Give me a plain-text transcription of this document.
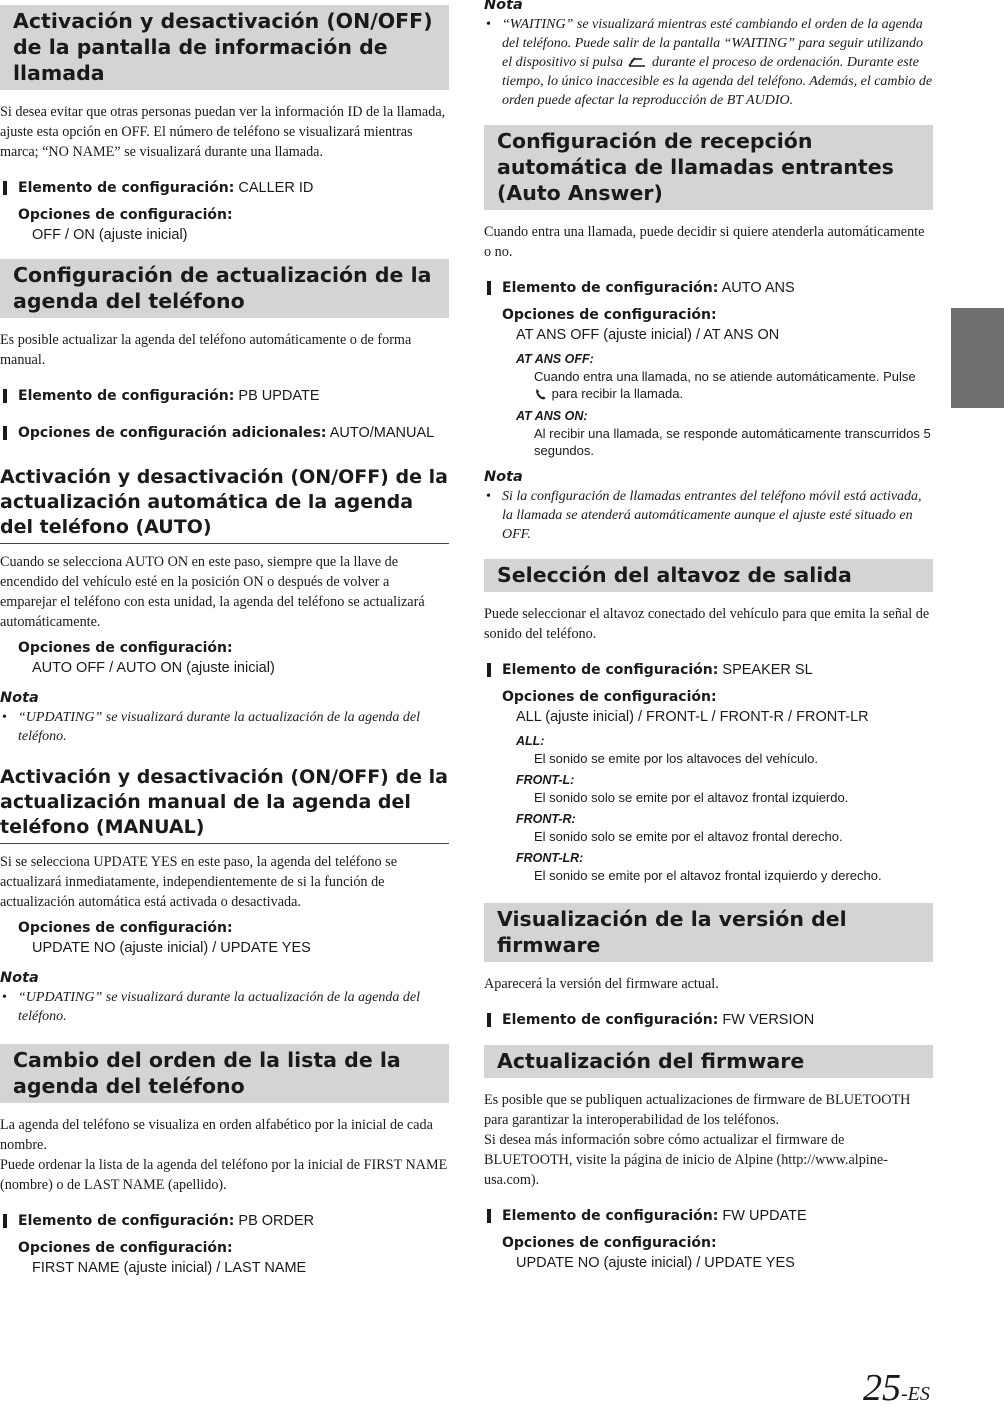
Activación y desactivación (ON/OFF) de la pantalla de información de llamada
Si desea evitar que otras personas puedan ver la información ID de la llamada, ajuste esta opción en OFF. El número de teléfono se visualizará mientras marca; “NO NAME” se visualizará durante una llamada.
Elemento de configuración: CALLER ID
Opciones de configuración:
OFF / ON (ajuste inicial)
Configuración de actualización de la agenda del teléfono
Es posible actualizar la agenda del teléfono automáticamente o de forma manual.
Elemento de configuración: PB UPDATE
Opciones de configuración adicionales: AUTO/MANUAL
Activación y desactivación (ON/OFF) de la actualización automática de la agenda del teléfono (AUTO)
Cuando se selecciona AUTO ON en este paso, siempre que la llave de encendido del vehículo esté en la posición ON o después de volver a emparejar el teléfono con esta unidad, la agenda del teléfono se actualizará automáticamente.
Opciones de configuración:
AUTO OFF / AUTO ON (ajuste inicial)
Nota
• “UPDATING” se visualizará durante la actualización de la agenda del teléfono.
Activación y desactivación (ON/OFF) de la actualización manual de la agenda del teléfono (MANUAL)
Si se selecciona UPDATE YES en este paso, la agenda del teléfono se actualizará inmediatamente, independientemente de si la función de actualización automática está activada o desactivada.
Opciones de configuración:
UPDATE NO (ajuste inicial) / UPDATE YES
Nota
• “UPDATING” se visualizará durante la actualización de la agenda del teléfono.
Cambio del orden de la lista de la agenda del teléfono
La agenda del teléfono se visualiza en orden alfabético por la inicial de cada nombre.
Puede ordenar la lista de la agenda del teléfono por la inicial de FIRST NAME (nombre) o de LAST NAME (apellido).
Elemento de configuración: PB ORDER
Opciones de configuración:
FIRST NAME (ajuste inicial) / LAST NAME
Nota
• “WAITING” se visualizará mientras esté cambiando el orden de la agenda del teléfono. Puede salir de la pantalla “WAITING” para seguir utilizando el dispositivo si pulsa durante el proceso de ordenación. Durante este tiempo, lo único inaccesible es la agenda del teléfono. Además, el cambio de orden puede afectar la reproducción de BT AUDIO.
Configuración de recepción automática de llamadas entrantes (Auto Answer)
Cuando entra una llamada, puede decidir si quiere atenderla automáticamente o no.
Elemento de configuración: AUTO ANS
Opciones de configuración:
AT ANS OFF (ajuste inicial) / AT ANS ON
AT ANS OFF:
Cuando entra una llamada, no se atiende automáticamente. Pulse  para recibir la llamada.
AT ANS ON:
Al recibir una llamada, se responde automáticamente transcurridos 5 segundos.
Nota
• Si la configuración de llamadas entrantes del teléfono móvil está activada, la llamada se atenderá automáticamente aunque el ajuste esté situado en OFF.
Selección del altavoz de salida
Puede seleccionar el altavoz conectado del vehículo para que emita la señal de sonido del teléfono.
Elemento de configuración: SPEAKER SL
Opciones de configuración:
ALL (ajuste inicial) / FRONT-L / FRONT-R / FRONT-LR
ALL:
El sonido se emite por los altavoces del vehículo.
FRONT-L:
El sonido solo se emite por el altavoz frontal izquierdo.
FRONT-R:
El sonido solo se emite por el altavoz frontal derecho.
FRONT-LR:
El sonido se emite por el altavoz frontal izquierdo y derecho.
Visualización de la versión del firmware
Aparecerá la versión del firmware actual.
Elemento de configuración: FW VERSION
Actualización del firmware
Es posible que se publiquen actualizaciones de firmware de BLUETOOTH para garantizar la interoperabilidad de los teléfonos.
Si desea más información sobre cómo actualizar el firmware de BLUETOOTH, visite la página de inicio de Alpine (http://www.alpine-usa.com).
Elemento de configuración: FW UPDATE
Opciones de configuración:
UPDATE NO (ajuste inicial) / UPDATE YES
25-ES
